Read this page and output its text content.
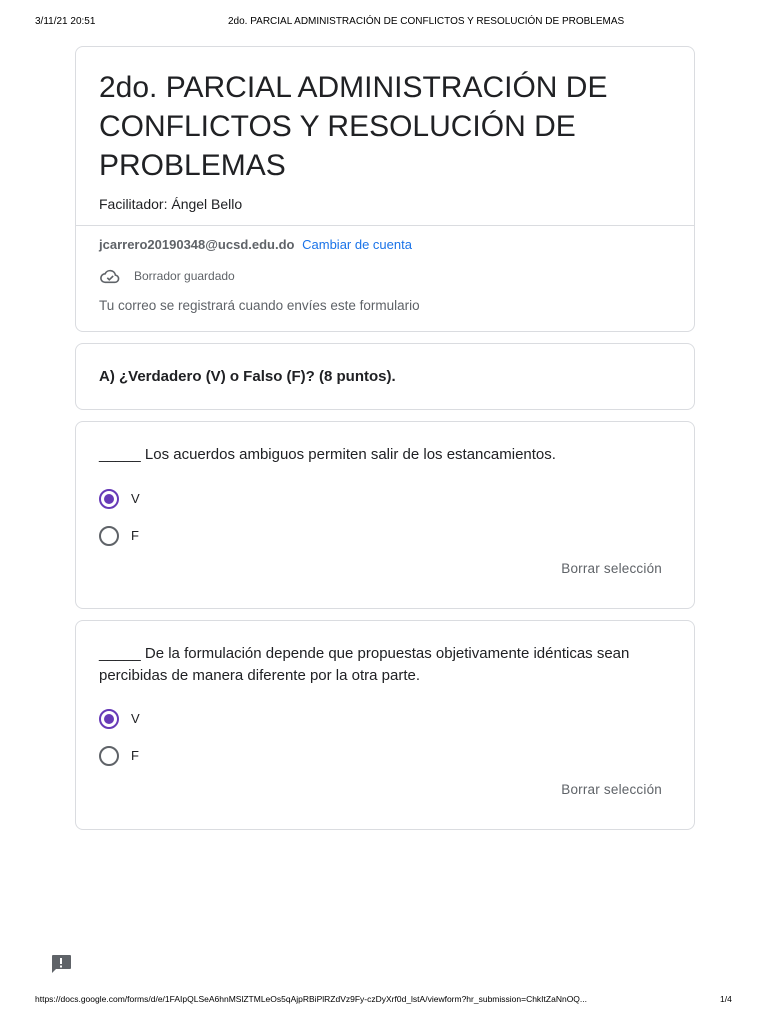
3/11/21 20:51	2do. PARCIAL ADMINISTRACIÓN DE CONFLICTOS Y RESOLUCIÓN DE PROBLEMAS
2do. PARCIAL ADMINISTRACIÓN DE CONFLICTOS Y RESOLUCIÓN DE PROBLEMAS
Facilitador: Ángel Bello
jcarrero20190348@ucsd.edu.do Cambiar de cuenta
Borrador guardado
Tu correo se registrará cuando envíes este formulario
A) ¿Verdadero (V) o Falso (F)? (8 puntos).
_____ Los acuerdos ambiguos permiten salir de los estancamientos.
V
F
Borrar selección
_____ De la formulación depende que propuestas objetivamente idénticas sean percibidas de manera diferente por la otra parte.
V
F
Borrar selección
https://docs.google.com/forms/d/e/1FAIpQLSeA6hnMSlZTMLeOs5qAjpRBiPlRZdVz9Fy-czDyXrf0d_lstA/viewform?hr_submission=ChkItZaNnOQ...	1/4
